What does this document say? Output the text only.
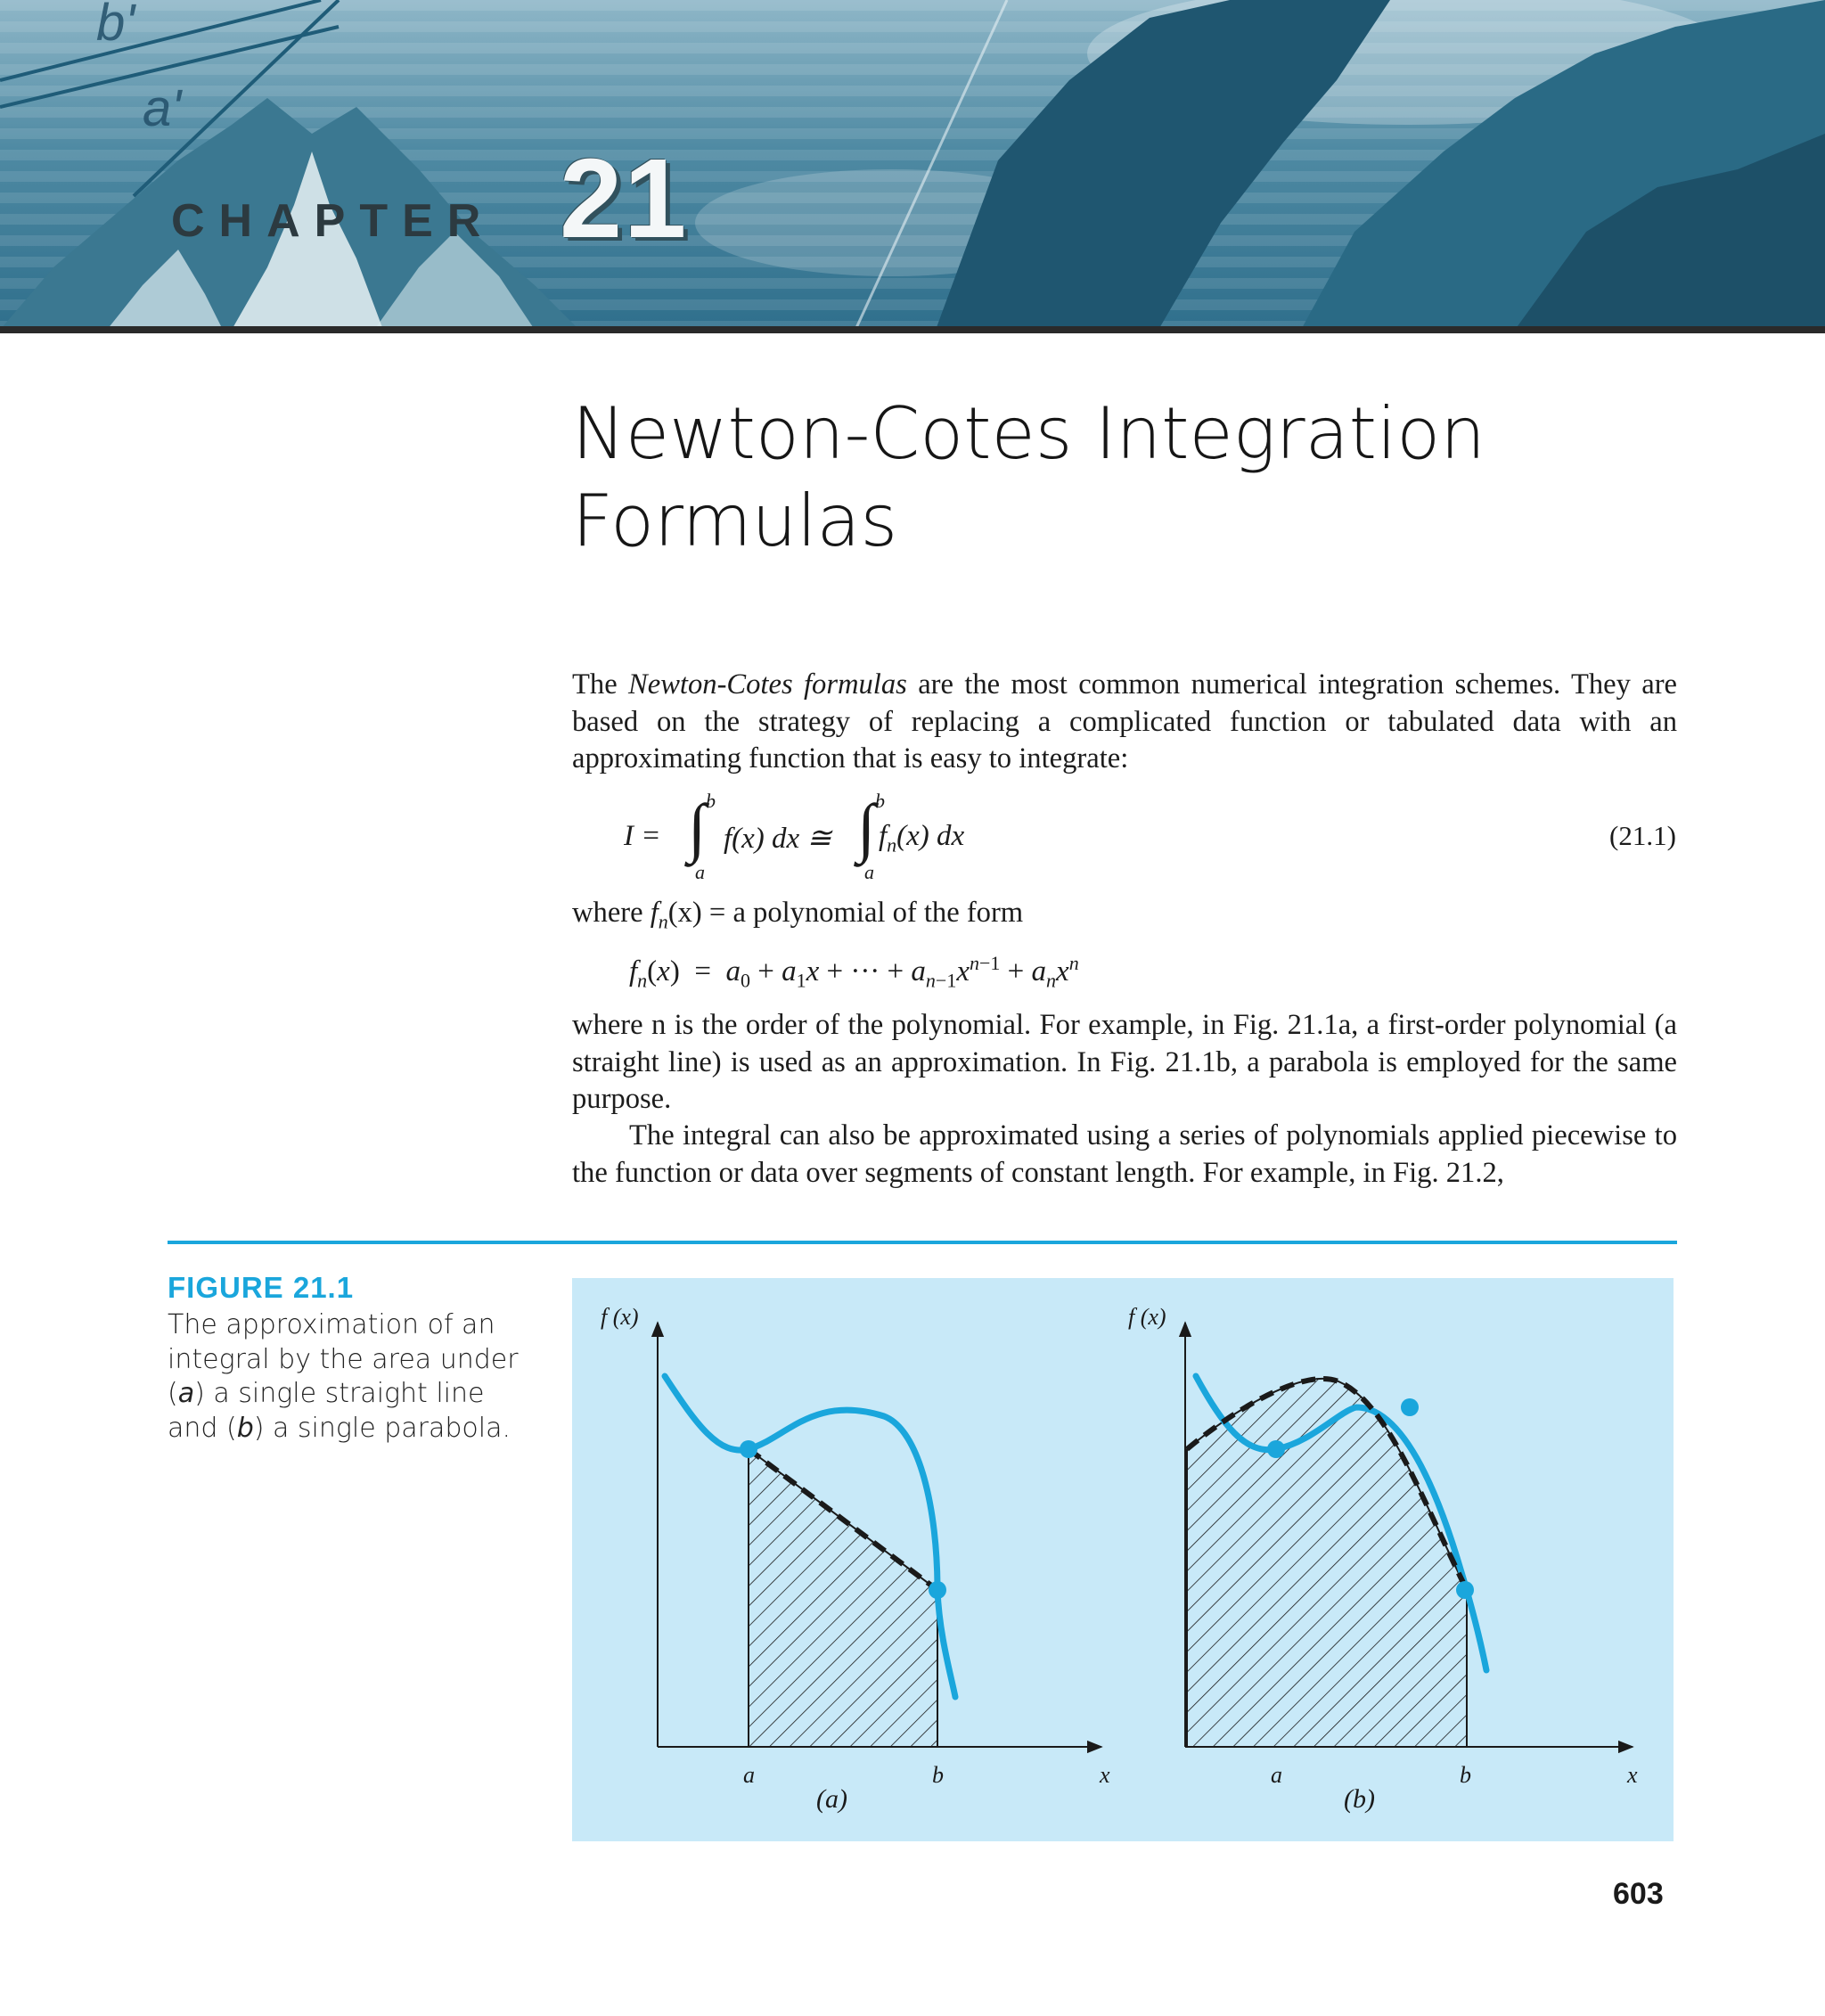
b'
a'
CHAPTER 21
Newton-Cotes Integration
Formulas
The Newton-Cotes formulas are the most common numerical integration schemes. They are based on the strategy of replacing a complicated function or tabulated data with an approximating function that is easy to integrate:
I = ∫ b
a
f(x) dx ≅ ∫ b
a
$f_n(x)$ dx	(21.1)
where $f_n(x) = a$ polynomial of the form
$f_n(x) = a_0 + a_1x$ + ··· + $a_{n-1}x^{n-1} + a_nx^n$
where n is the order of the polynomial. For example, in Fig. 21.1a, a first-order polynomial (a straight line) is used as an approximation. In Fig. 21.1b, a parabola is employed for the same purpose.
The integral can also be approximated using a series of polynomials applied piecewise to the function or data over segments of constant length. For example, in Fig. 21.2,
FIGURE 21.1
The approximation of an integral by the area under (a) a single straight line and (b) a single parabola.
f (x)
a	b	x
(a)
f (x)
a	b	x
(b)
603
